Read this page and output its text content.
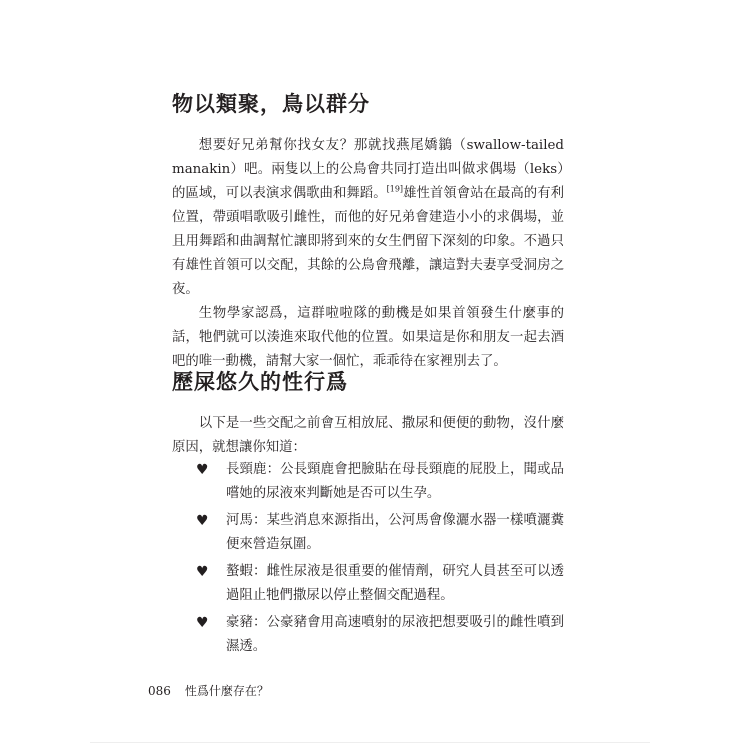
物以類聚，鳥以群分

想要好兄弟幫你找女友？那就找燕尾嬌鶲（swallow-tailed manakin）吧。兩隻以上的公鳥會共同打造出叫做求偶場（leks）的區域，可以表演求偶歌曲和舞蹈。[19]雄性首領會站在最高的有利位置，帶頭唱歌吸引雌性，而他的好兄弟會建造小小的求偶場，並且用舞蹈和曲調幫忙讓即將到來的女生們留下深刻的印象。不過只有雄性首領可以交配，其餘的公鳥會飛離，讓這對夫妻享受洞房之夜。

生物學家認爲，這群啦啦隊的動機是如果首領發生什麼事的話，牠們就可以湊進來取代他的位置。如果這是你和朋友一起去酒吧的唯一動機，請幫大家一個忙，乖乖待在家裡別去了。

歷屎悠久的性行爲

以下是一些交配之前會互相放屁、撒尿和便便的動物，沒什麼原因，就想讓你知道：

♥ 長頸鹿：公長頸鹿會把臉貼在母長頸鹿的屁股上，聞或品嚐她的尿液來判斷她是否可以生孕。
♥ 河馬：某些消息來源指出，公河馬會像灑水器一樣噴灑糞便來營造氛圍。
♥ 螯蝦：雌性尿液是很重要的催情劑，研究人員甚至可以透過阻止牠們撒尿以停止整個交配過程。
♥ 豪豬：公豪豬會用高速噴射的尿液把想要吸引的雌性噴到濕透。
086 性爲什麼存在？
